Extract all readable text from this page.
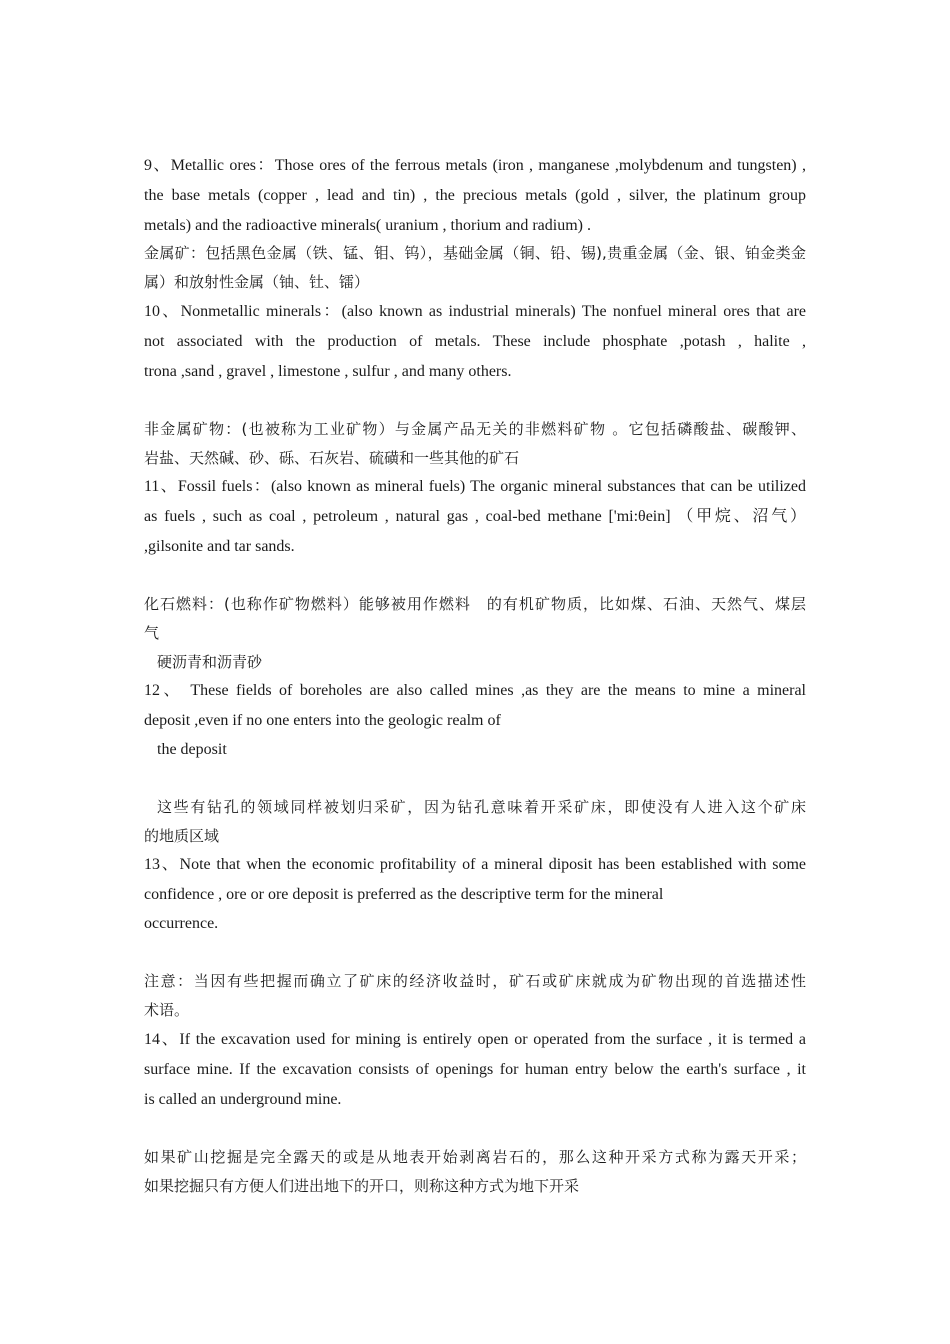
9、Metallic ores：Those ores of the ferrous metals (iron , manganese ,molybdenum and tungsten) ,
the base metals (copper , lead and tin) , the precious metals (gold , silver, the platinum group
metals) and the radioactive minerals( uranium , thorium and radium) .
金属矿：包括黑色金属（铁、锰、钼、钨），基础金属（铜、铅、锡),贵重金属（金、银、铂金类金
属）和放射性金属（铀、钍、镭）
10、Nonmetallic minerals：(also known as industrial minerals) The nonfuel mineral ores that are
not associated with the production of metals. These include phosphate ,potash , halite ,
trona ,sand , gravel , limestone , sulfur , and many others.
非金属矿物：(也被称为工业矿物）与金属产品无关的非燃料矿物 。它包括磷酸盐、碳酸钾、
岩盐、天然碱、砂、砾、石灰岩、硫磺和一些其他的矿石
11、Fossil fuels：(also known as mineral fuels) The organic mineral substances that can be utilized
as fuels , such as coal , petroleum , natural gas , coal-bed methane ['mi:θein] （甲烷、沼气）
,gilsonite and tar sands.
化石燃料：(也称作矿物燃料）能够被用作燃料　的有机矿物质，比如煤、石油、天然气、煤层
气
硬沥青和沥青砂
12、 These fields of boreholes are also called mines ,as they are the means to mine a mineral
deposit ,even if no one enters into the geologic realm of
the deposit
这些有钻孔的领域同样被划归采矿，因为钻孔意味着开采矿床，即使没有人进入这个矿床
的地质区域
13、Note that when the economic profitability of a mineral diposit has been established with some
confidence , ore or ore deposit is preferred as the descriptive term for the mineral
occurrence.
注意：当因有些把握而确立了矿床的经济收益时，矿石或矿床就成为矿物出现的首选描述性
术语。
14、If the excavation used for mining is entirely open or operated from the surface , it is termed a
surface mine. If the excavation consists of openings for human entry below the earth's surface , it
is called an underground mine.
如果矿山挖掘是完全露天的或是从地表开始剥离岩石的，那么这种开采方式称为露天开采；
如果挖掘只有方便人们进出地下的开口，则称这种方式为地下开采
